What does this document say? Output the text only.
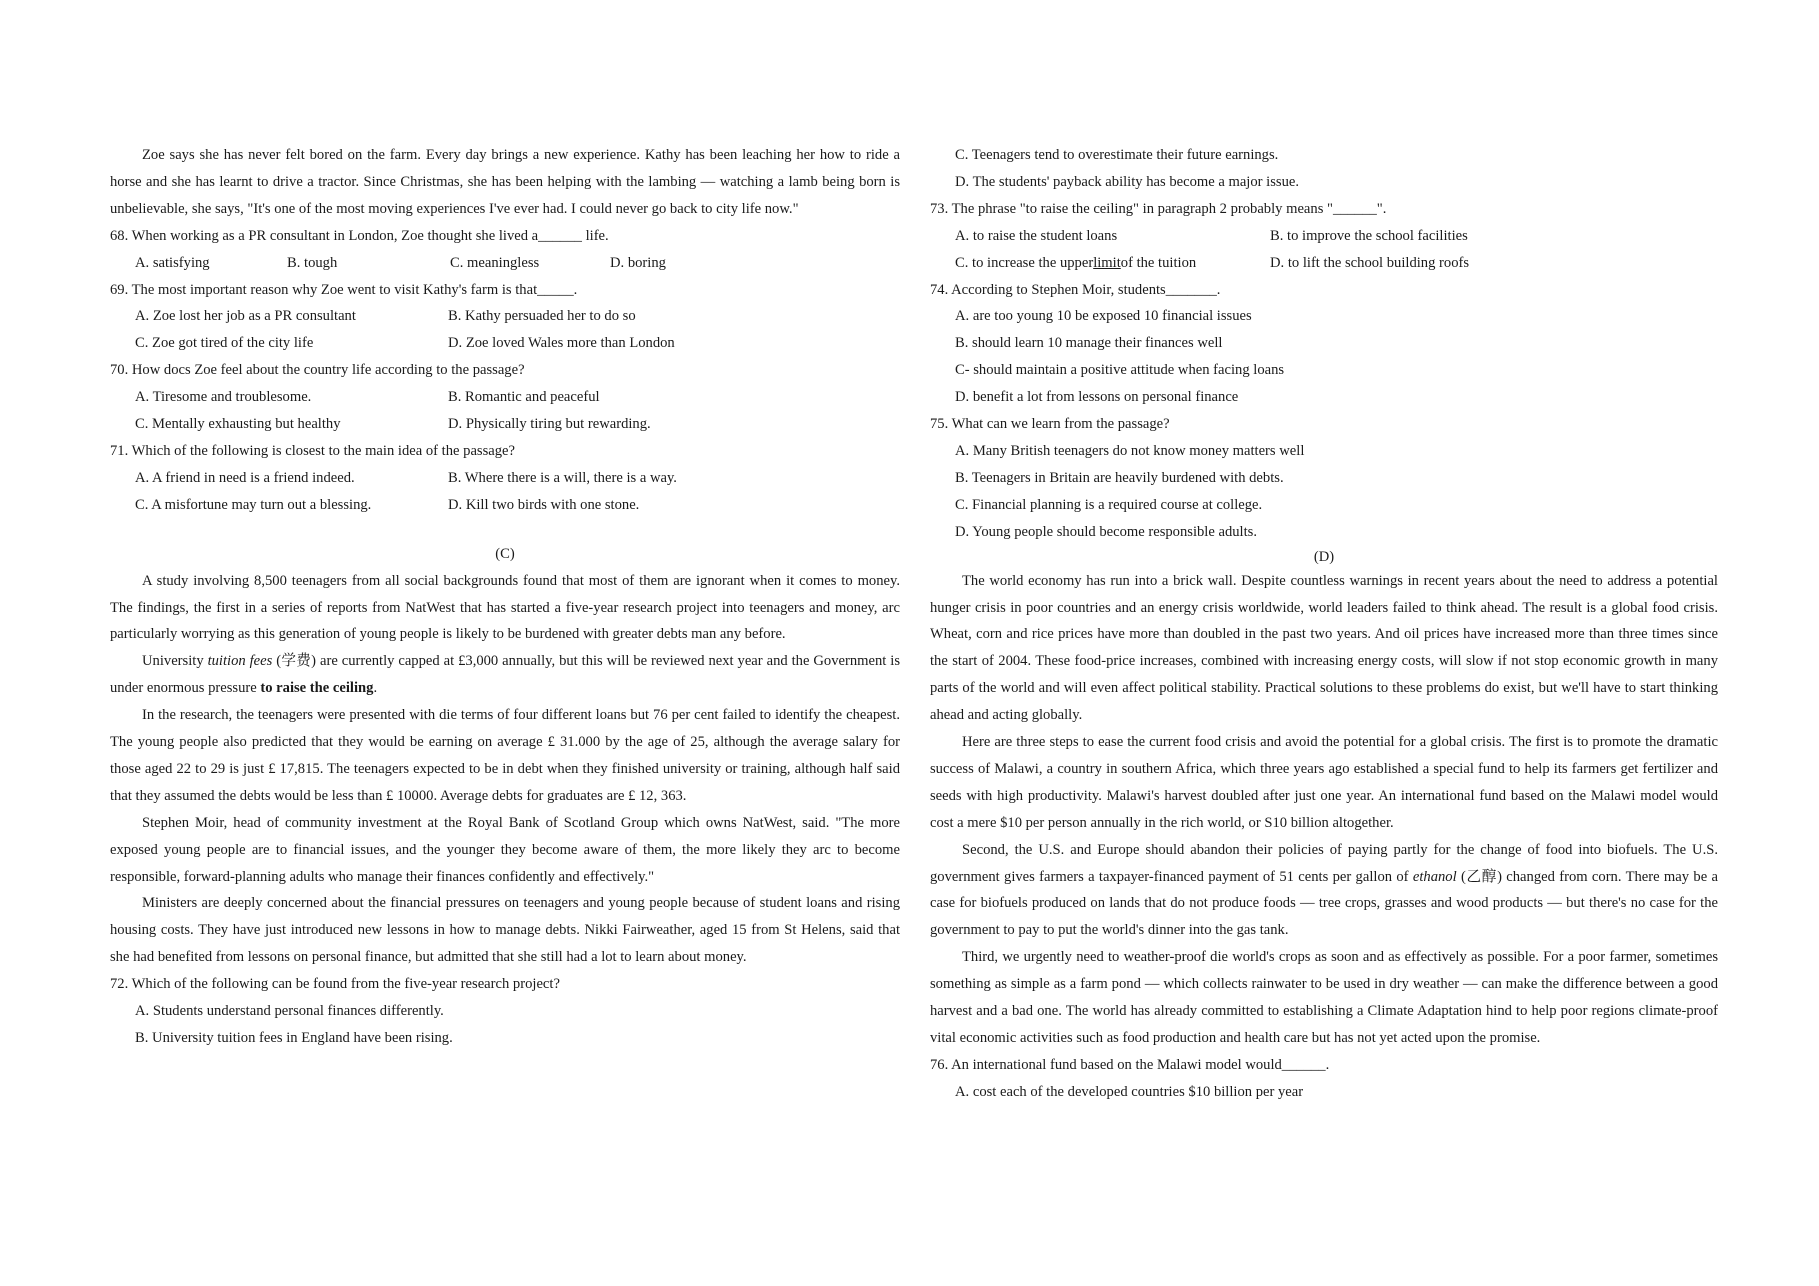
Zoe says she has never felt bored on the farm. Every day brings a new experience. Kathy has been leaching her how to ride a horse and she has learnt to drive a tractor. Since Christmas, she has been helping with the lambing — watching a lamb being born is unbelievable, she says, "It's one of the most moving experiences I've ever had. I could never go back to city life now."

68. When working as a PR consultant in London, Zoe thought she lived a______ life.

A. satisfying	B. tough	C. meaningless	D. boring

69. The most important reason why Zoe went to visit Kathy's farm is that_____.

A. Zoe lost her job as a PR consultant	B. Kathy persuaded her to do so
C. Zoe got tired of the city life	D. Zoe loved Wales more than London

70. How docs Zoe feel about the country life according to the passage?

A. Tiresome and troublesome.	B. Romantic and peaceful
C. Mentally exhausting but healthy	D. Physically tiring but rewarding.

71. Which of the following is closest to the main idea of the passage?

A. A friend in need is a friend indeed.	B. Where there is a will, there is a way.
C. A misfortune may turn out a blessing.	D. Kill two birds with one stone.

(C)

A study involving 8,500 teenagers from all social backgrounds found that most of them are ignorant when it comes to money. The findings, the first in a series of reports from NatWest that has started a five-year research project into teenagers and money, arc particularly worrying as this generation of young people is likely to be burdened with greater debts man any before.

University tuition fees (学费) are currently capped at £3,000 annually, but this will be reviewed next year and the Government is under enormous pressure to raise the ceiling.

In the research, the teenagers were presented with die terms of four different loans but 76 per cent failed to identify the cheapest. The young people also predicted that they would be earning on average £ 31.000 by the age of 25, although the average salary for those aged 22 to 29 is just £ 17,815. The teenagers expected to be in debt when they finished university or training, although half said that they assumed the debts would be less than £ 10000. Average debts for graduates are £ 12, 363.

Stephen Moir, head of community investment at the Royal Bank of Scotland Group which owns NatWest, said. "The more exposed young people are to financial issues, and the younger they become aware of them, the more likely they arc to become responsible, forward-planning adults who manage their finances confidently and effectively."

Ministers are deeply concerned about the financial pressures on teenagers and young people because of student loans and rising housing costs. They have just introduced new lessons in how to manage debts. Nikki Fairweather, aged 15 from St Helens, said that she had benefited from lessons on personal finance, but admitted that she still had a lot to learn about money.

72. Which of the following can be found from the five-year research project?

A. Students understand personal finances differently.

B. University tuition fees in England have been rising.

C. Teenagers tend to overestimate their future earnings.

D. The students' payback ability has become a major issue.

73. The phrase "to raise the ceiling" in paragraph 2 probably means "______".

A. to raise the student loans	B. to improve the school facilities
C. to increase the upperlimitof the tuition	D. to lift the school building roofs

74. According to Stephen Moir, students_______.

A. are too young 10 be exposed 10 financial issues

B. should learn 10 manage their finances well

C- should maintain a positive attitude when facing loans

D. benefit a lot from lessons on personal finance

75. What can we learn from the passage?

A. Many British teenagers do not know money matters well

B. Teenagers in Britain are heavily burdened with debts.

C. Financial planning is a required course at college.

D. Young people should become responsible adults.

(D)

The world economy has run into a brick wall. Despite countless warnings in recent years about the need to address a potential hunger crisis in poor countries and an energy crisis worldwide, world leaders failed to think ahead. The result is a global food crisis. Wheat, corn and rice prices have more than doubled in the past two years. And oil prices have increased more than three times since the start of 2004. These food-price increases, combined with increasing energy costs, will slow if not stop economic growth in many parts of the world and will even affect political stability. Practical solutions to these problems do exist, but we'll have to start thinking ahead and acting globally.

Here are three steps to ease the current food crisis and avoid the potential for a global crisis. The first is to promote the dramatic success of Malawi, a country in southern Africa, which three years ago established a special fund to help its farmers get fertilizer and seeds with high productivity. Malawi's harvest doubled after just one year. An international fund based on the Malawi model would cost a mere $10 per person annually in the rich world, or S10 billion altogether.

Second, the U.S. and Europe should abandon their policies of paying partly for the change of food into biofuels. The U.S. government gives farmers a taxpayer-financed payment of 51 cents per gallon of ethanol (乙醇) changed from corn. There may be a case for biofuels produced on lands that do not produce foods — tree crops, grasses and wood products — but there's no case for the government to pay to put the world's dinner into the gas tank.

Third, we urgently need to weather-proof die world's crops as soon and as effectively as possible. For a poor farmer, sometimes something as simple as a farm pond — which collects rainwater to be used in dry weather — can make the difference between a good harvest and a bad one. The world has already committed to establishing a Climate Adaptation hind to help poor regions climate-proof vital economic activities such as food production and health care but has not yet acted upon the promise.

76. An international fund based on the Malawi model would______.

A. cost each of the developed countries $10 billion per year
